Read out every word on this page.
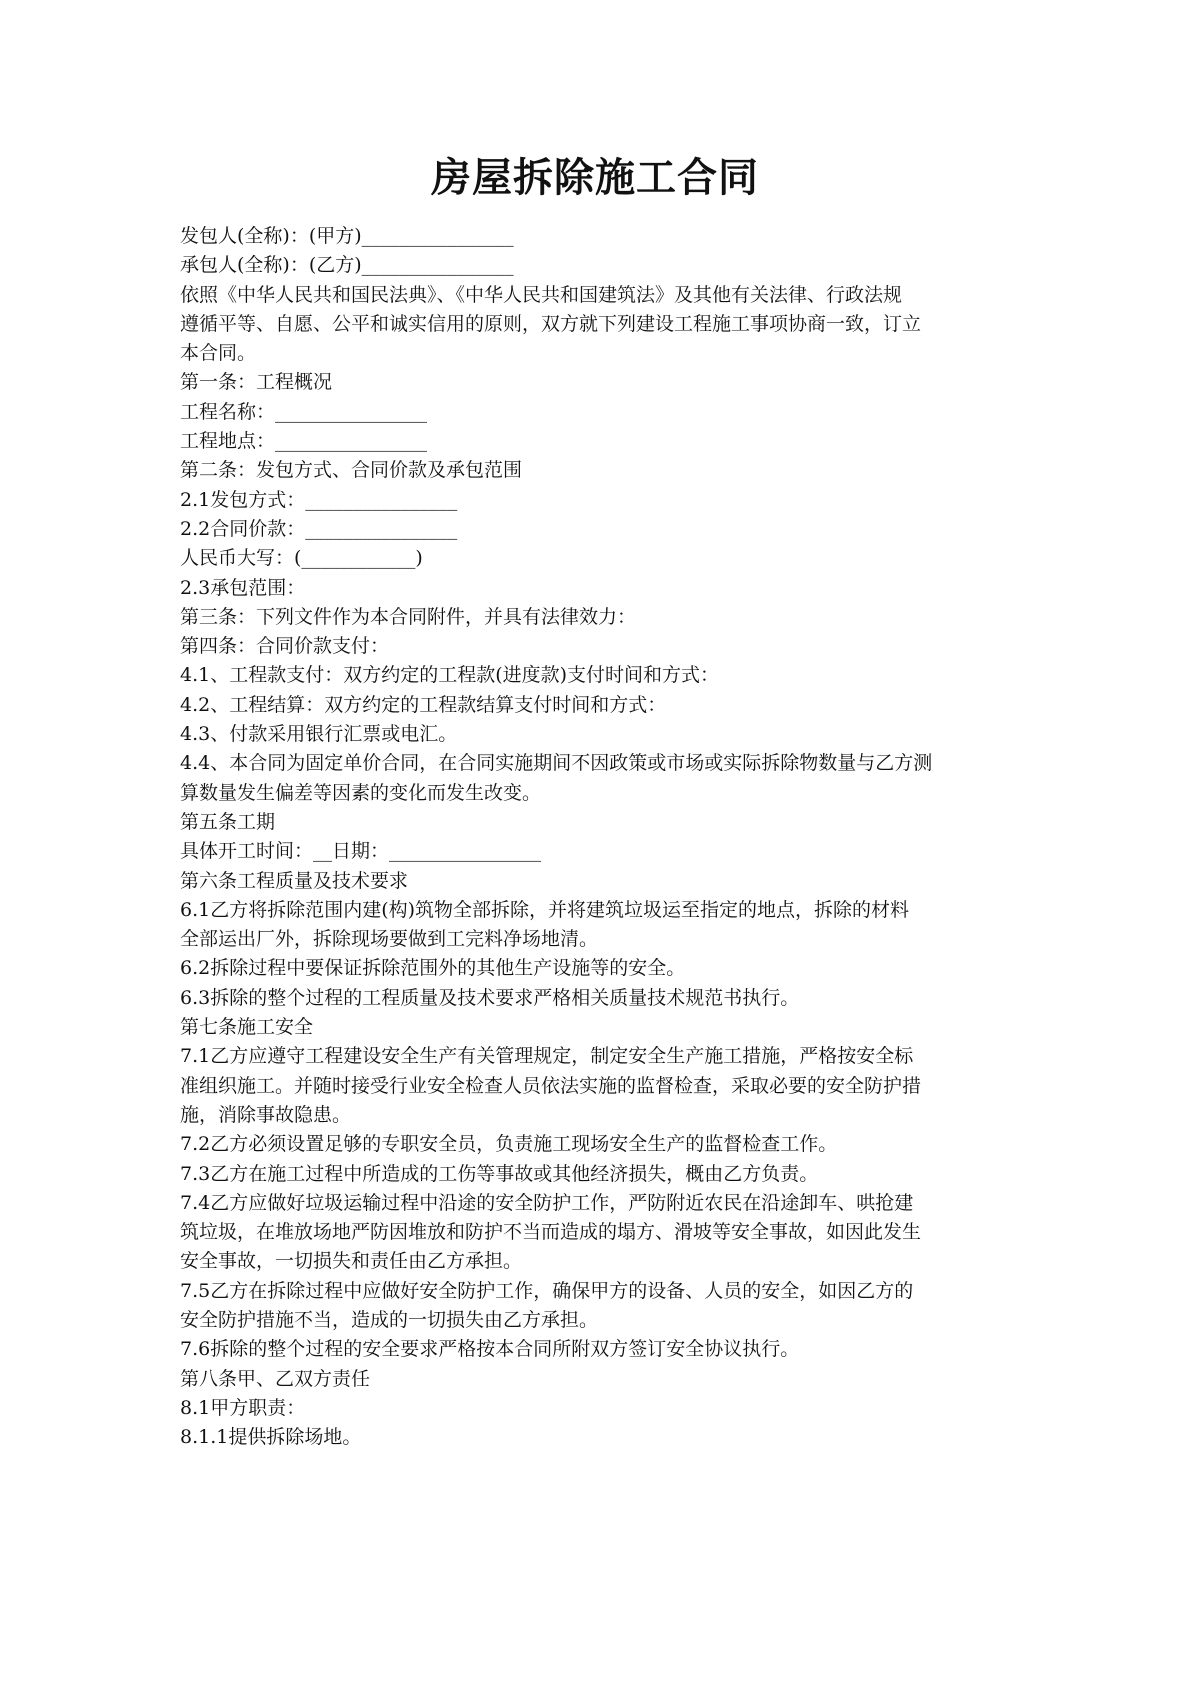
房屋拆除施工合同

发包人(全称)：(甲方)________________

承包人(全称)：(乙方)________________

依照《中华人民共和国民法典》、《中华人民共和国建筑法》及其他有关法律、行政法规

遵循平等、自愿、公平和诚实信用的原则，双方就下列建设工程施工事项协商一致，订立

本合同。

第一条：工程概况

工程名称：________________

工程地点：________________

第二条：发包方式、合同价款及承包范围

2.1发包方式：________________

2.2合同价款：________________

人民币大写：(____________)

2.3承包范围：

第三条：下列文件作为本合同附件，并具有法律效力：

第四条：合同价款支付：

4.1、工程款支付：双方约定的工程款(进度款)支付时间和方式：

4.2、工程结算：双方约定的工程款结算支付时间和方式：

4.3、付款采用银行汇票或电汇。

4.4、本合同为固定单价合同，在合同实施期间不因政策或市场或实际拆除物数量与乙方测

算数量发生偏差等因素的变化而发生改变。

第五条工期

具体开工时间：__日期：________________

第六条工程质量及技术要求

6.1乙方将拆除范围内建(构)筑物全部拆除，并将建筑垃圾运至指定的地点，拆除的材料

全部运出厂外，拆除现场要做到工完料净场地清。

6.2拆除过程中要保证拆除范围外的其他生产设施等的安全。

6.3拆除的整个过程的工程质量及技术要求严格相关质量技术规范书执行。

第七条施工安全

7.1乙方应遵守工程建设安全生产有关管理规定，制定安全生产施工措施，严格按安全标

准组织施工。并随时接受行业安全检查人员依法实施的监督检查，采取必要的安全防护措

施，消除事故隐患。

7.2乙方必须设置足够的专职安全员，负责施工现场安全生产的监督检查工作。

7.3乙方在施工过程中所造成的工伤等事故或其他经济损失，概由乙方负责。

7.4乙方应做好垃圾运输过程中沿途的安全防护工作，严防附近农民在沿途卸车、哄抢建

筑垃圾，在堆放场地严防因堆放和防护不当而造成的塌方、滑坡等安全事故，如因此发生

安全事故，一切损失和责任由乙方承担。

7.5乙方在拆除过程中应做好安全防护工作，确保甲方的设备、人员的安全，如因乙方的

安全防护措施不当，造成的一切损失由乙方承担。

7.6拆除的整个过程的安全要求严格按本合同所附双方签订安全协议执行。

第八条甲、乙双方责任

8.1甲方职责：

8.1.1提供拆除场地。
